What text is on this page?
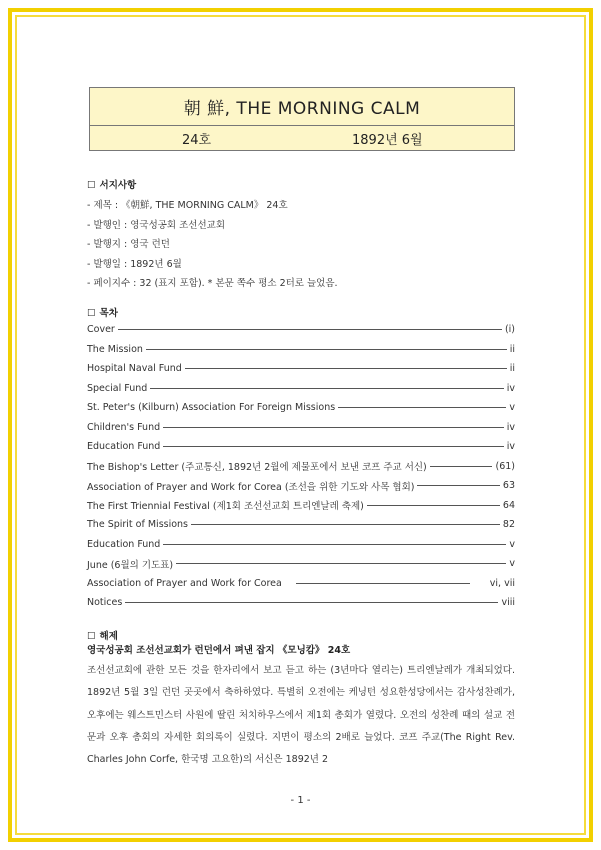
朝 鮮, THE MORNING CALM
24호	1892년 6월
☐ 서지사항
- 제목 : 《朝鮮, THE MORNING CALM》 24호
- 발행인 : 영국성공회 조선선교회
- 발행지 : 영국 런던
- 발행일 : 1892년 6월
- 페이지수 : 32 (표지 포함). * 본문 쪽수 평소 2터로 늘었음.
☐ 목차
Cover	(i)
The Mission	ii
Hospital Naval Fund	ii
Special Fund	iv
St. Peter's (Kilburn) Association For Foreign Missions	v
Children's Fund	iv
Education Fund	iv
The Bishop's Letter (주교통신, 1892년 2월에 제물포에서 보낸 코프 주교 서신)	(61)
Association of Prayer and Work for Corea (조선을 위한 기도와 사목 협회)	63
The First Triennial Festival (제1회 조선선교회 트리엔날레 축제)	64
The Spirit of Missions	82
Education Fund	v
June (6월의 기도표)	v
Association of Prayer and Work for Corea	vi, vii
Notices	viii
☐ 해제
영국성공회 조선선교회가 런던에서 펴낸 잡지 《모닝캄》 24호
조선선교회에 관한 모든 것을 한자리에서 보고 듣고 하는 (3년마다 열리는) 트리엔날레가 개최되었다. 1892년 5월 3일 런던 곳곳에서 축하하였다. 특별히 오전에는 케닝턴 성요한성당에서는 감사성찬례가, 오후에는 웨스트민스터 사원에 딸린 처치하우스에서 제1회 총회가 열렸다. 오전의 성찬례 때의 설교 전문과 오후 총회의 자세한 회의록이 실렸다. 지면이 평소의 2배로 늘었다. 코프 주교(The Right Rev. Charles John Corfe, 한국명 고요한)의 서신은 1892년 2
- 1 -
